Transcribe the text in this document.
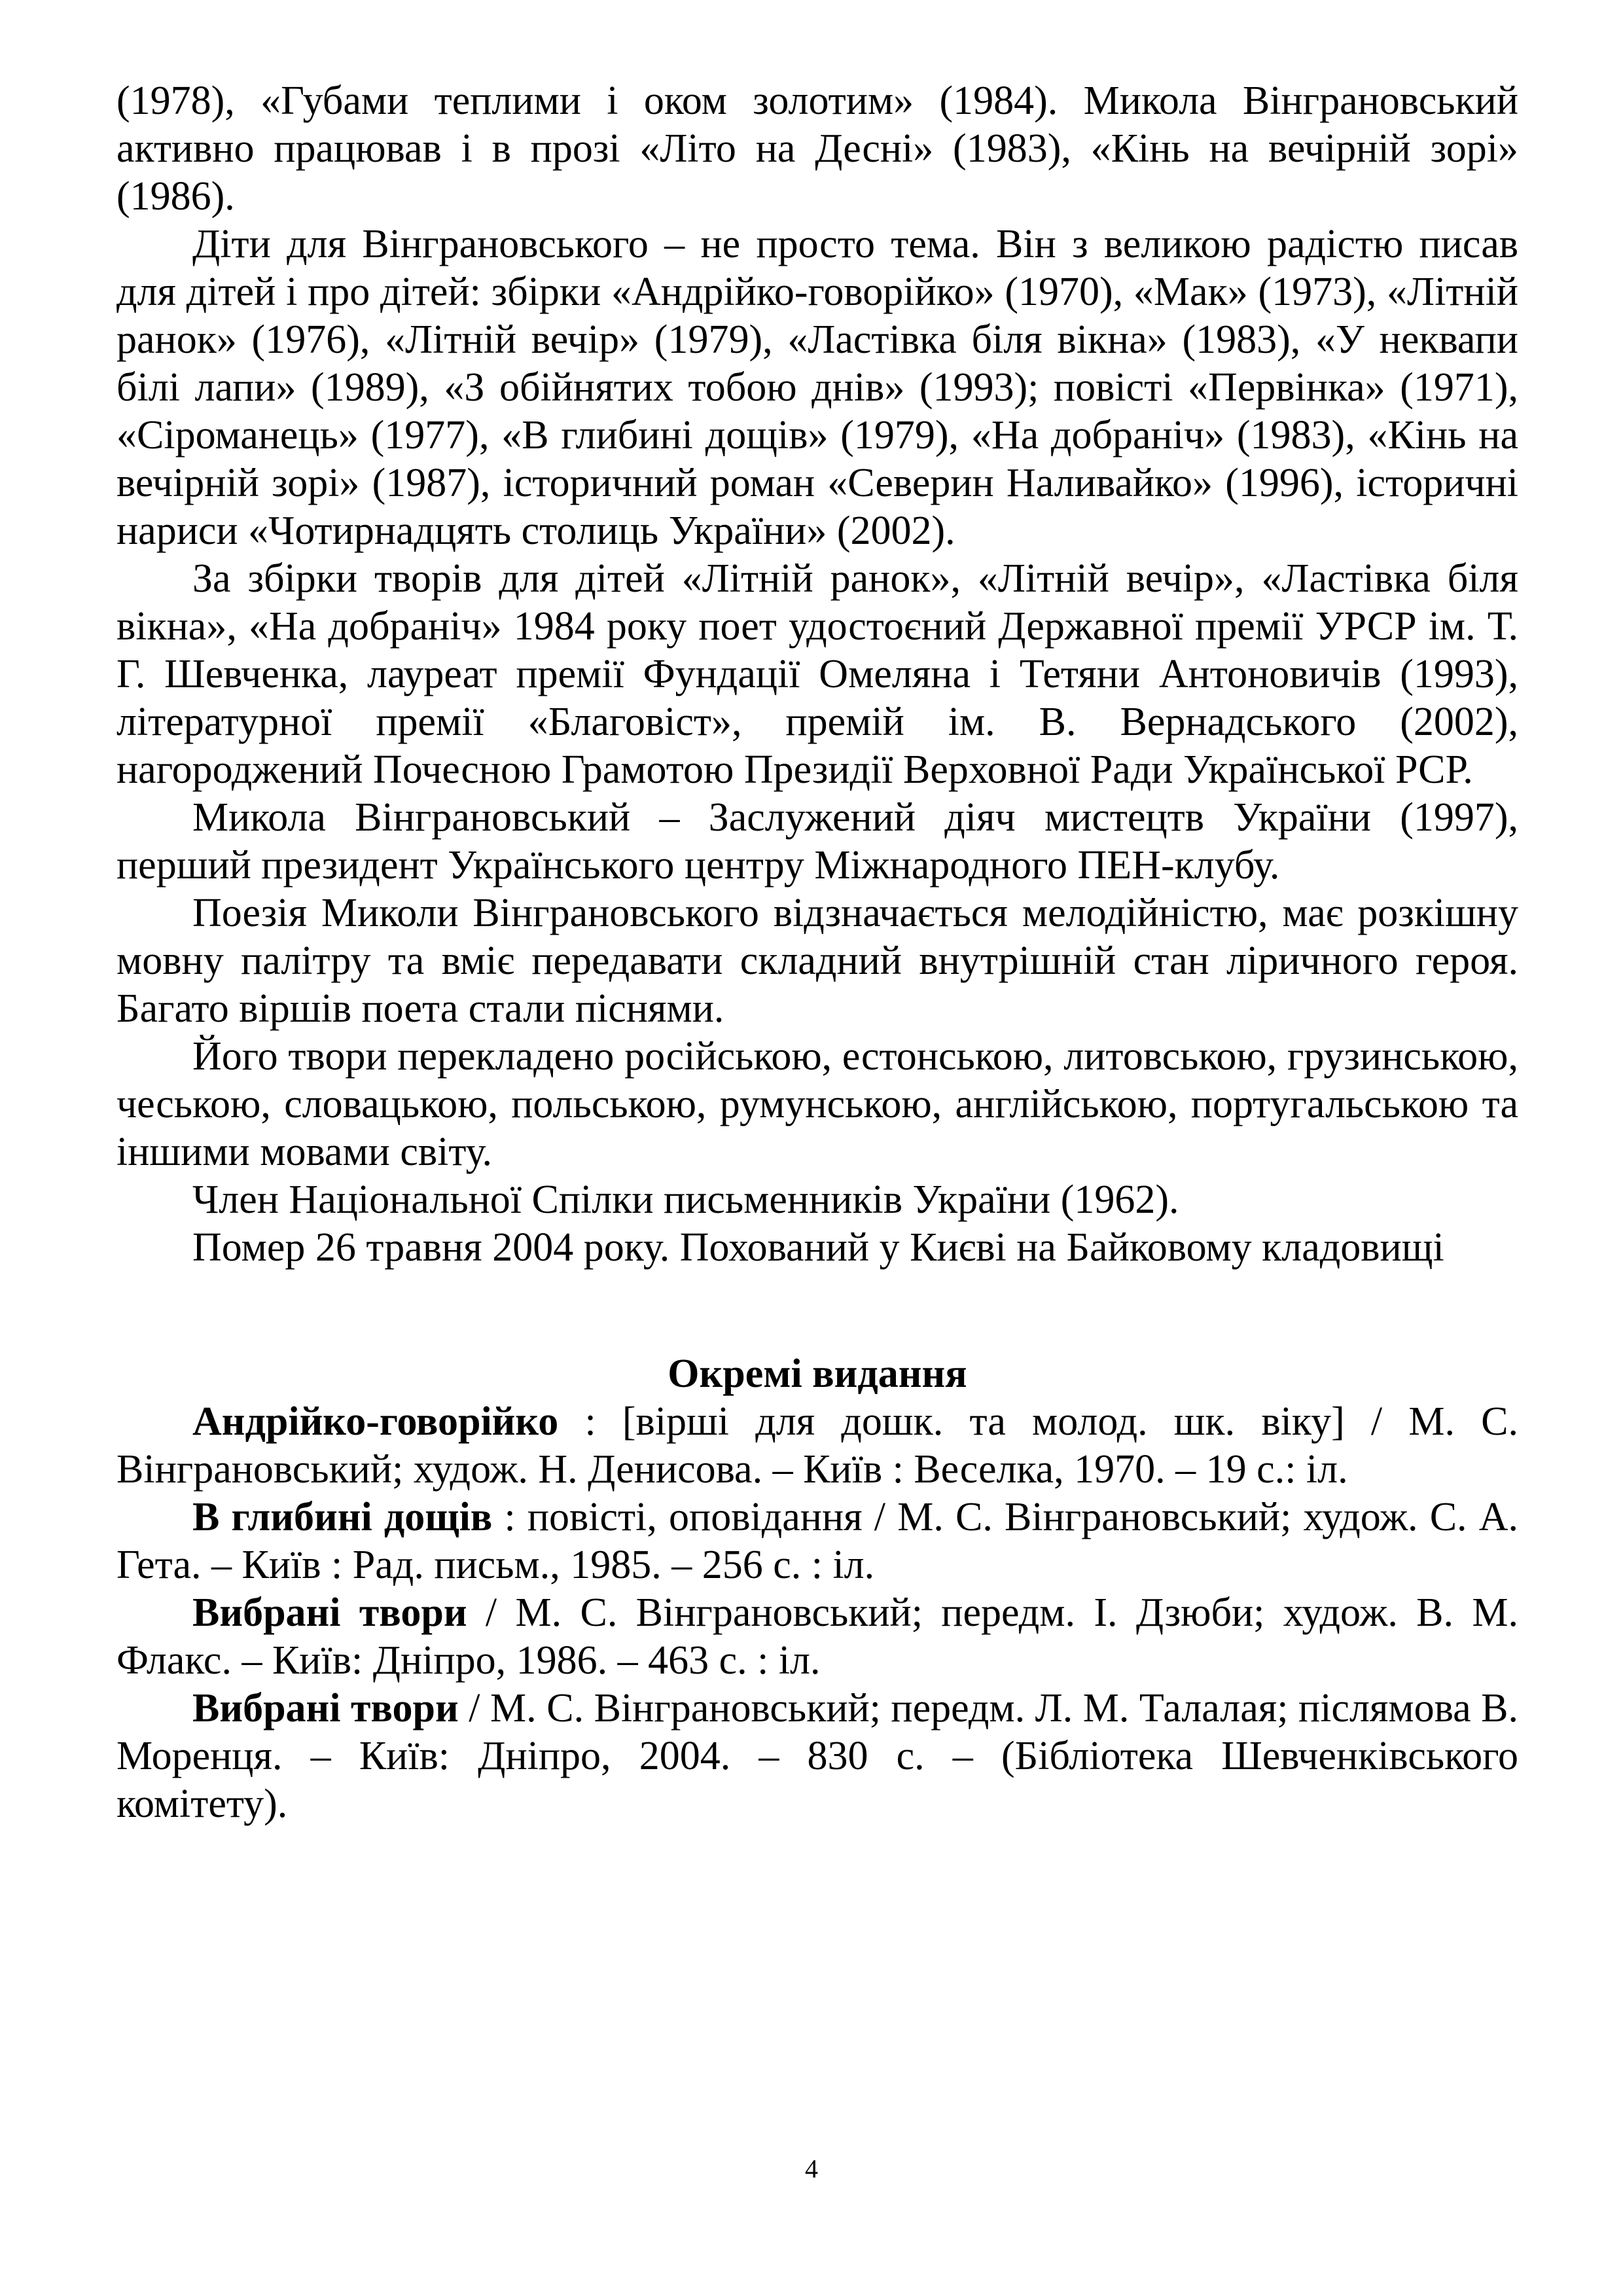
(1978), «Губами теплими і оком золотим» (1984). Микола Вінграновський активно працював і в прозі «Літо на Десні» (1983), «Кінь на вечірній зорі» (1986).

Діти для Вінграновського – не просто тема. Він з великою радістю писав для дітей і про дітей: збірки «Андрійко-говорійко» (1970), «Мак» (1973), «Літній ранок» (1976), «Літній вечір» (1979), «Ластівка біля вікна» (1983), «У неквапи білі лапи» (1989), «З обійнятих тобою днів» (1993); повісті «Первінка» (1971), «Сіроманець» (1977), «В глибині дощів» (1979), «На добраніч» (1983), «Кінь на вечірній зорі» (1987), історичний роман «Северин Наливайко» (1996), історичні нариси «Чотирнадцять столиць України» (2002).

За збірки творів для дітей «Літній ранок», «Літній вечір», «Ластівка біля вікна», «На добраніч» 1984 року поет удостоєний Державної премії УРСР ім. Т. Г. Шевченка, лауреат премії Фундації Омеляна і Тетяни Антоновичів (1993), літературної премії «Благовіст», премій ім. В. Вернадського (2002), нагороджений Почесною Грамотою Президії Верховної Ради Української РСР.

Микола Вінграновський – Заслужений діяч мистецтв України (1997), перший президент Українського центру Міжнародного ПЕН-клубу.

Поезія Миколи Вінграновського відзначається мелодійністю, має розкішну мовну палітру та вміє передавати складний внутрішній стан ліричного героя. Багато віршів поета стали піснями.

Його твори перекладено російською, естонською, литовською, грузинською, чеською, словацькою, польською, румунською, англійською, португальською та іншими мовами світу.

Член Національної Спілки письменників України (1962).

Помер 26 травня 2004 року. Похований у Києві на Байковому кладовищі

Окремі видання

Андрійко-говорійко : [вірші для дошк. та молод. шк. віку] / М. С. Вінграновський; худож. Н. Денисова. – Київ : Веселка, 1970. – 19 с.: іл.

В глибині дощів : повісті, оповідання / М. С. Вінграновський; худож. С. А. Гета. – Київ : Рад. письм., 1985. – 256 с. : іл.

Вибрані твори / М. С. Вінграновський; передм. І. Дзюби; худож. В. М. Флакс. – Київ: Дніпро, 1986. – 463 с. : іл.

Вибрані твори / М. С. Вінграновський; передм. Л. М. Талалая; післямова В. Моренця. – Київ: Дніпро, 2004. – 830 с. – (Бібліотека Шевченківського комітету).

4
